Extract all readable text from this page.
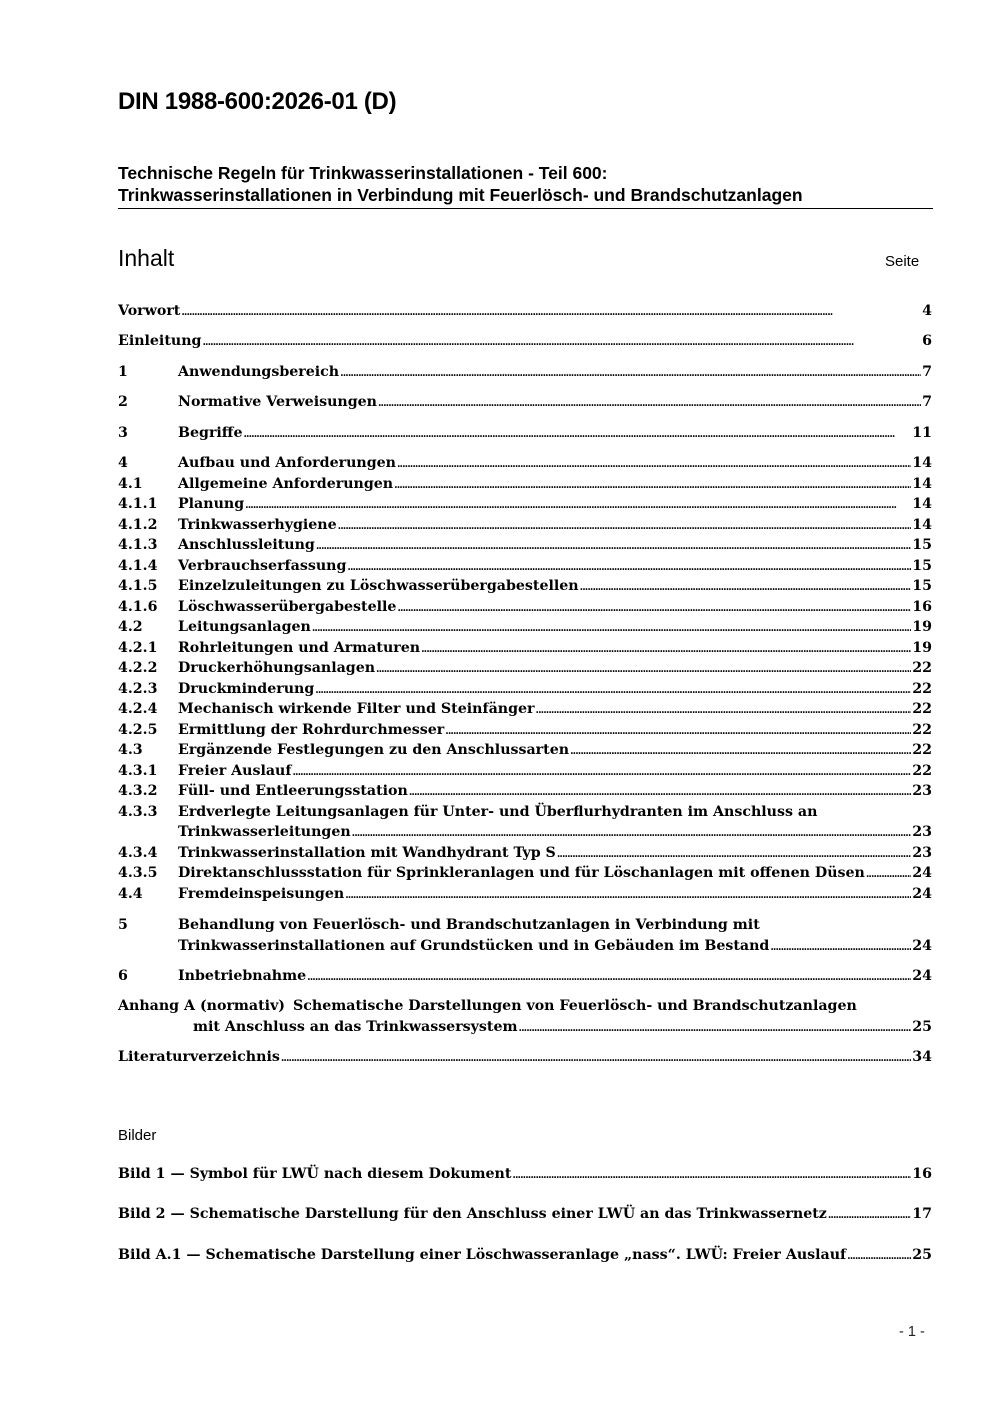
DIN 1988-600:2026-01 (D)
Technische Regeln für Trinkwasserinstallationen - Teil 600:
Trinkwasserinstallationen in Verbindung mit Feuerlösch- und Brandschutzanlagen
Inhalt	Seite
Vorwort . . .	4
Einleitung . . .	6
1	Anwendungsbereich . . .	7
2	Normative Verweisungen . . .	7
3	Begriffe . . .	11
4	Aufbau und Anforderungen . . .	14
4.1	Allgemeine Anforderungen . . .	14
4.1.1	Planung . . .	14
4.1.2	Trinkwasserhygiene . . .	14
4.1.3	Anschlussleitung . . .	15
4.1.4	Verbrauchserfassung . . .	15
4.1.5	Einzelzuleitungen zu Löschwasserübergabestellen . . .	15
4.1.6	Löschwasserübergabestelle . . .	16
4.2	Leitungsanlagen . . .	19
4.2.1	Rohrleitungen und Armaturen . . .	19
4.2.2	Druckerhöhungsanlagen . . .	22
4.2.3	Druckminderung . . .	22
4.2.4	Mechanisch wirkende Filter und Steinfänger . . .	22
4.2.5	Ermittlung der Rohrdurchmesser . . .	22
4.3	Ergänzende Festlegungen zu den Anschlussarten . . .	22
4.3.1	Freier Auslauf . . .	22
4.3.2	Füll- und Entleerungsstation . . .	23
4.3.3	Erdverlegte Leitungsanlagen für Unter- und Überflurhydranten im Anschluss an
Trinkwasserleitungen . . .	23
4.3.4	Trinkwasserinstallation mit Wandhydrant Typ S . . .	23
4.3.5	Direktanschlussstation für Sprinkleranlagen und für Löschanlagen mit offenen Düsen . . .	24
4.4	Fremdeinspeisungen . . .	24
5	Behandlung von Feuerlösch- und Brandschutzanlagen in Verbindung mit
Trinkwasserinstallationen auf Grundstücken und in Gebäuden im Bestand . . .	24
6	Inbetriebnahme . . .	24
Anhang A (normativ) Schematische Darstellungen von Feuerlösch- und Brandschutzanlagen
mit Anschluss an das Trinkwassersystem . . .	25
Literaturverzeichnis . . .	34
Bilder
Bild 1 — Symbol für LWÜ nach diesem Dokument . . .	16
Bild 2 — Schematische Darstellung für den Anschluss einer LWÜ an das Trinkwassernetz . . .	17
Bild A.1 — Schematische Darstellung einer Löschwasseranlage „nass“. LWÜ: Freier Auslauf . . .	25
- 1 -
